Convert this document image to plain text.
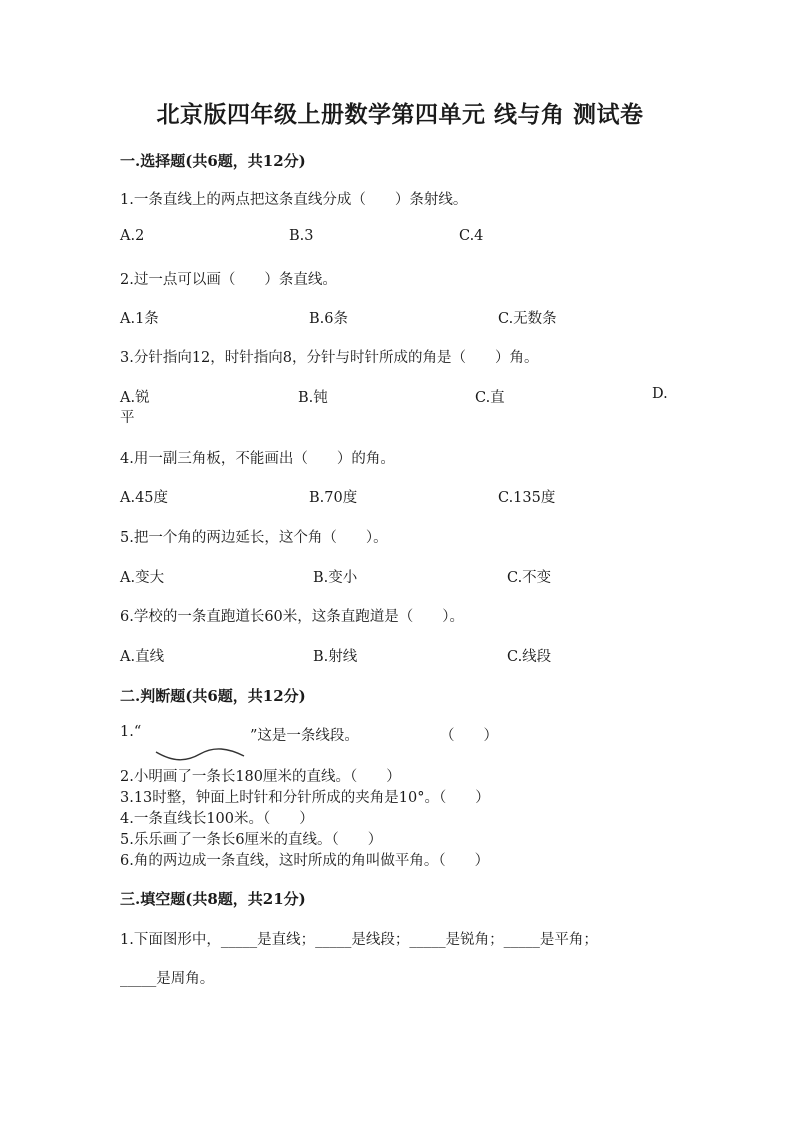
北京版四年级上册数学第四单元 线与角 测试卷
一.选择题(共6题，共12分)
1.一条直线上的两点把这条直线分成（　　）条射线。
A.2	B.3	C.4
2.过一点可以画（　　）条直线。
A.1条	B.6条	C.无数条
3.分针指向12，时针指向8，分针与时针所成的角是（　　）角。
A.锐	B.钝	C.直	D.
平
4.用一副三角板，不能画出（　　）的角。
A.45度	B.70度	C.135度
5.把一个角的两边延长，这个角（　　）。
A.变大	B.变小	C.不变
6.学校的一条直跑道长60米，这条直跑道是（　　）。
A.直线	B.射线	C.线段
二.判断题(共6题，共12分)
1.“	”这是一条线段。	（　　）
2.小明画了一条长180厘米的直线。（　　）
3.13时整，钟面上时针和分针所成的夹角是10°。（　　）
4.一条直线长100米。（　　）
5.乐乐画了一条长6厘米的直线。（　　）
6.角的两边成一条直线，这时所成的角叫做平角。（　　）
三.填空题(共8题，共21分)
1.下面图形中，_____是直线；_____是线段；_____是锐角；_____是平角；
_____是周角。
